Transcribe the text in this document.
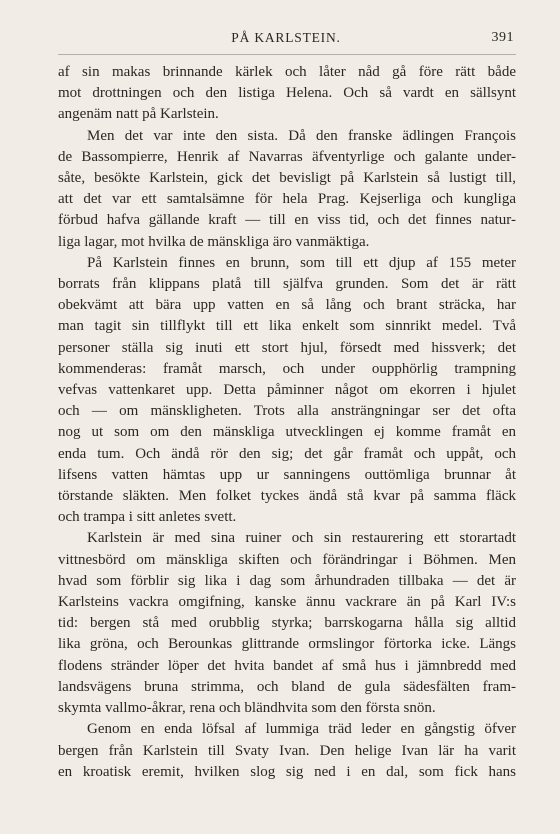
PÅ KARLSTEIN.	391

af sin makas brinnande kärlek och låter nåd gå före rätt både
mot drottningen och den listiga Helena. Och så vardt en sällsynt
angenäm natt på Karlstein.

Men det var inte den sista. Då den franske ädlingen François
de Bassompierre, Henrik af Navarras äfventyrlige och galante under-
såte, besökte Karlstein, gick det bevisligt på Karlstein så lustigt till,
att det var ett samtalsämne för hela Prag. Kejserliga och kungliga
förbud hafva gällande kraft — till en viss tid, och det finnes natur-
liga lagar, mot hvilka de mänskliga äro vanmäktiga.

På Karlstein finnes en brunn, som till ett djup af 155 meter
borrats från klippans platå till själfva grunden. Som det är rätt
obekvämt att bära upp vatten en så lång och brant sträcka, har
man tagit sin tillflykt till ett lika enkelt som sinnrikt medel. Två
personer ställa sig inuti ett stort hjul, försedt med hissverk; det
kommenderas: framåt marsch, och under oupphörlig trampning
vefvas vattenkaret upp. Detta påminner något om ekorren i hjulet
och — om mänskligheten. Trots alla ansträngningar ser det ofta
nog ut som om den mänskliga utvecklingen ej komme framåt en
enda tum. Och ändå rör den sig; det går framåt och uppåt, och
lifsens vatten hämtas upp ur sanningens outtömliga brunnar åt
törstande släkten. Men folket tyckes ändå stå kvar på samma fläck
och trampa i sitt anletes svett.

Karlstein är med sina ruiner och sin restaurering ett storartadt
vittnesbörd om mänskliga skiften och förändringar i Böhmen. Men
hvad som förblir sig lika i dag som århundraden tillbaka — det är
Karlsteins vackra omgifning, kanske ännu vackrare än på Karl IV:s
tid: bergen stå med orubblig styrka; barrskogarna hålla sig alltid
lika gröna, och Berounkas glittrande ormslingor förtorka icke. Längs
flodens stränder löper det hvita bandet af små hus i jämnbredd med
landsvägens bruna strimma, och bland de gula sädesfälten fram-
skymta vallmo-åkrar, rena och bländhvita som den första snön.

Genom en enda löfsal af lummiga träd leder en gångstig öfver
bergen från Karlstein till Svaty Ivan. Den helige Ivan lär ha varit
en kroatisk eremit, hvilken slog sig ned i en dal, som fick hans
